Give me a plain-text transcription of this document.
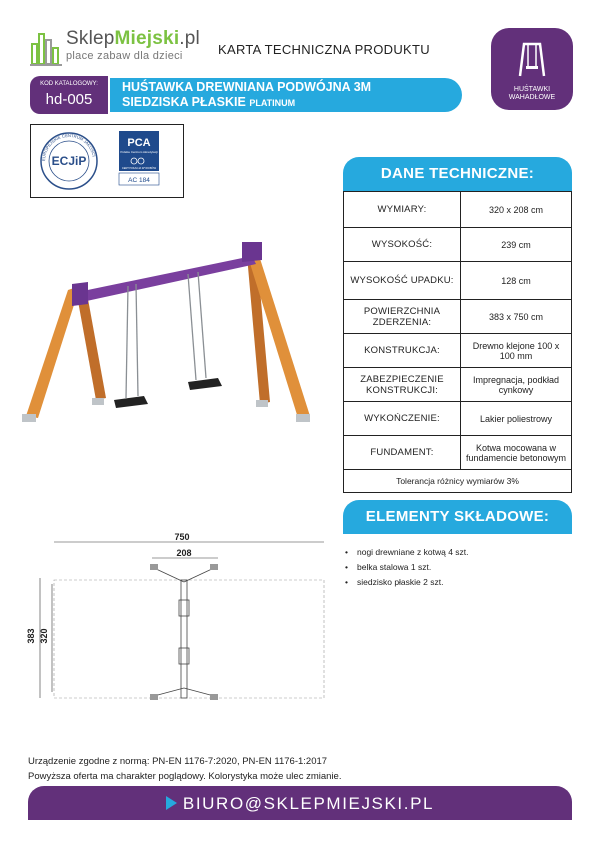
SklepMiejski.pl
place zabaw dla dzieci	KARTA TECHNICZNA PRODUKTU
HUŚTAWKI
WAHADŁOWE
KOD KATALOGOWY:
hd-005
HUŚTAWKA DREWNIANA PODWÓJNA 3M
SIEDZISKA PŁASKIE PLATINUM
EUROPEJSKIE CENTRUM JAKOŚCI
ECJiP
PCA
Polskie Centrum Akredytacji
CERTYFIKACJA WYROBÓW
AC 184	DANE TECHNICZNE:
WYMIARY:	320 x 208 cm
WYSOKOŚĆ:	239 cm
WYSOKOŚĆ UPADKU:	128 cm
POWIERZCHNIA ZDERZENIA:	383 x 750 cm
KONSTRUKCJA:	Drewno klejone 100 x 100 mm
ZABEZPIECZENIE KONSTRUKCJI:	Impregnacja, podkład cynkowy
WYKOŃCZENIE:	Lakier poliestrowy
FUNDAMENT:	Kotwa mocowana w fundamencie betonowym
Tolerancja różnicy wymiarów 3%	
ELEMENTY SKŁADOWE:
• nogi drewniane z kotwą 4 szt.
• belka stalowa 1 szt.
• siedzisko płaskie 2 szt.
750
208
383 320
Urządzenie zgodne z normą: PN-EN 1176-7:2020, PN-EN 1176-1:2017
Powyższa oferta ma charakter poglądowy. Kolorystyka może ulec zmianie.
BIURO@SKLEPMIEJSKI.PL
